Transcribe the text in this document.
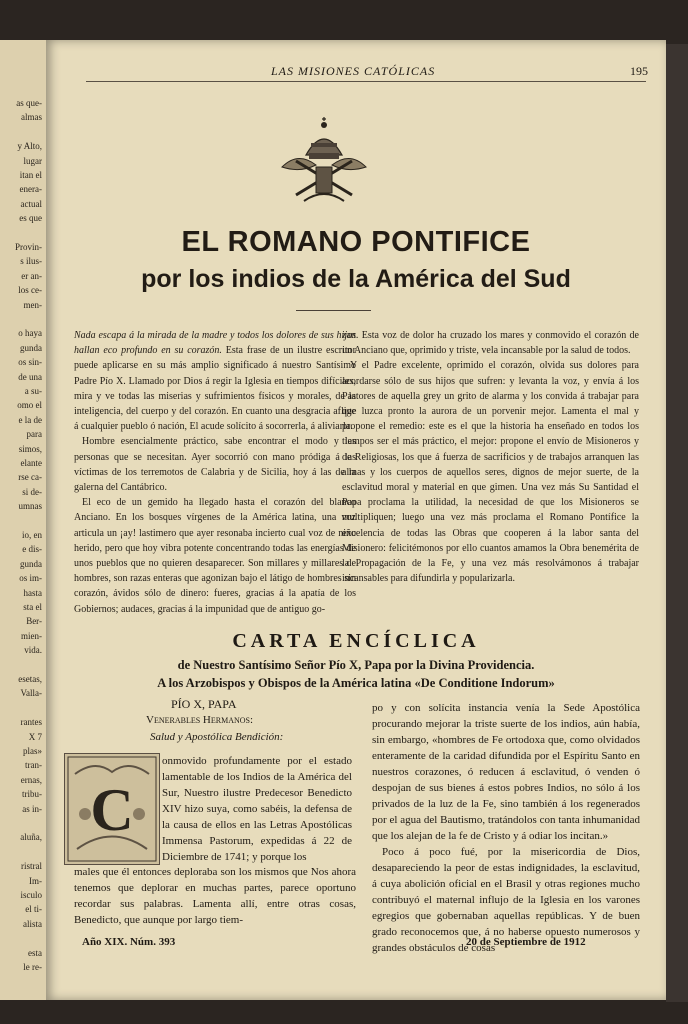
as que-
almas
y Alto,
lugar
itan el
enera-
actual
es que
Provin-
s ilus-
er an-
los ce-
men-
o haya
gunda
os sin-
de una
a su-
omo el
e la de
para
simos,
elante
rse ca-
si de-
umnas
io, en
e dis-
gunda
os im-
hasta
sta el
Ber-
mien-
vida.
esetas,
Valla-
rantes
X 7
plas»
tran-
ernas,
tribu-
as in-
aluña,
ristral
Im-
isculo
el ti-
alista
esta
le re-
LAS MISIONES CATÓLICAS	195
EL ROMANO PONTIFICE
por los indios de la América del Sud

Nada escapa á la mirada de la madre y todos los dolores de sus hijos hallan eco profundo en su corazón. Esta frase de un ilustre escritor puede aplicarse en su más amplio significado á nuestro Santísimo Padre Pío X. Llamado por Dios á regir la Iglesia en tiempos difíciles, mira y ve todas las miserias y sufrimientos físicos y morales, de la inteligencia, del cuerpo y del corazón. En cuanto una desgracia aflige á cualquier pueblo ó nación, El acude solícito á socorrerla, á aliviarla.

Hombre esencialmente práctico, sabe encontrar el modo y las personas que se necesitan. Ayer socorrió con mano pródiga á las víctimas de los terremotos de Calabria y de Sicilia, hoy á las de la galerna del Cantábrico.

El eco de un gemido ha llegado hasta el corazón del blanco Anciano. En los bosques vírgenes de la América latina, una voz articula un ¡ay! lastimero que ayer resonaba incierto cual voz de niño herido, pero que hoy vibra potente concentrando todas las energías de unos pueblos que no quieren desaparecer. Son millares y millares de hombres, son razas enteras que agonizan bajo el látigo de hombres sin corazón, ávidos sólo de dinero: fueres, gracias á la apatía de los Gobiernos; audaces, gracias á la impunidad que de antiguo go-

zan. Esta voz de dolor ha cruzado los mares y conmovido el corazón de un Anciano que, oprimido y triste, vela incansable por la salud de todos.

Y el Padre excelente, oprimido el corazón, olvida sus dolores para acordarse sólo de sus hijos que sufren: y levanta la voz, y envía á los Pastores de aquella grey un grito de alarma y los convida á trabajar para que luzca pronto la aurora de un porvenir mejor. Lamenta el mal y propone el remedio: este es el que la historia ha enseñado en todos los tiempos ser el más práctico, el mejor: propone el envío de Misioneros y de Religiosas, los que á fuerza de sacrificios y de trabajos arranquen las almas y los cuerpos de aquellos seres, dignos de mejor suerte, de la esclavitud moral y material en que gimen. Una vez más Su Santidad el Papa proclama la utilidad, la necesidad de que los Misioneros se multipliquen; luego una vez más proclama el Romano Pontífice la excelencia de todas las Obras que cooperen á la labor santa del Misionero: felicitémonos por ello cuantos amamos la Obra benemérita de la Propagación de la Fe, y una vez más resolvámonos á trabajar incansables para difundirla y popularizarla.

CARTA ENCÍCLICA
de Nuestro Santísimo Señor Pío X, Papa por la Divina Providencia.
A los Arzobispos y Obispos de la América latina «De Conditione Indorum»
PÍO X, PAPA
Venerables Hermanos:
Salud y Apostólica Bendición:
C
onmovido profundamente por el estado lamentable de los Indios de la América del Sur, Nuestro ilustre Predecesor Benedicto XIV hizo suya, como sabéis, la defensa de la causa de ellos en las Letras Apostólicas Immensa Pastorum, expedidas á 22 de Diciembre de 1741; y porque los
males que él entonces deploraba son los mismos que Nos ahora tenemos que deplorar en muchas partes, parece oportuno recordar sus palabras. Lamenta allí, entre otras cosas, Benedicto, que aunque por largo tiem-

po y con solícita instancia venía la Sede Apostólica procurando mejorar la triste suerte de los indios, aún había, sin embargo, «hombres de Fe ortodoxa que, como olvidados enteramente de la caridad difundida por el Espíritu Santo en nuestros corazones, ó reducen á esclavitud, ó venden ó despojan de sus bienes á estos pobres Indios, no sólo á los privados de la luz de la Fe, sino también á los regenerados por el agua del Bautismo, tratándolos con tanta inhumanidad que los alejan de la fe de Cristo y á odiar los incitan.»

Poco á poco fué, por la misericordia de Dios, desapareciendo la peor de estas indignidades, la esclavitud, á cuya abolición oficial en el Brasil y otras regiones mucho contribuyó el maternal influjo de la Iglesia en los varones egregios que gobernaban aquellas repúblicas. Y de buen grado reconocemos que, á no haberse opuesto numerosos y grandes obstáculos de cosas

Año XIX. Núm. 393	20 de Septiembre de 1912
